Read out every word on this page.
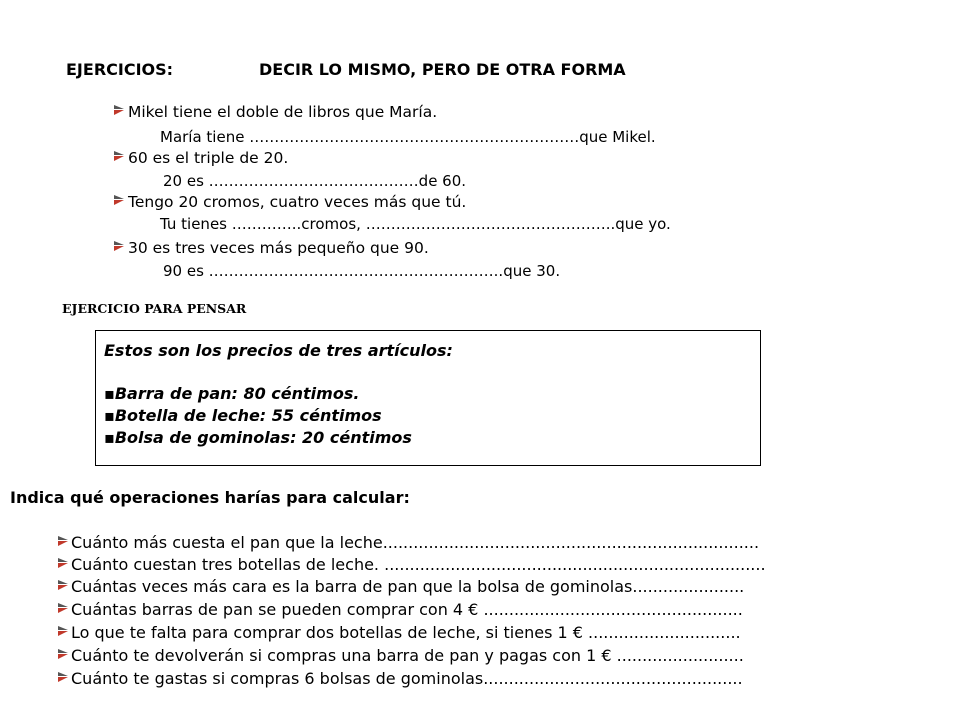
EJERCICIOS:	DECIR LO MISMO, PERO DE OTRA FORMA
Mikel tiene el doble de libros que María.
María tiene …………………………………………………………que Mikel.
60 es el triple de 20.
20 es ……………………………………de 60.
Tengo 20 cromos, cuatro veces más que tú.
Tu tienes …………..cromos, …………………………………………..que yo.
30 es tres veces más pequeño que 90.
90 es …………………………………………………..que 30.
EJERCICIO PARA PENSAR
Estos son los precios de tres artículos:
▪Barra de pan: 80 céntimos.
▪Botella de leche: 55 céntimos
▪Bolsa de gominolas: 20 céntimos
Indica qué operaciones harías para calcular:
Cuánto más cuesta el pan que la leche..........................................................................
Cuánto cuestan tres botellas de leche. ...........................................................................
Cuántas veces más cara es la barra de pan que la bolsa de gominolas......................
Cuántas barras de pan se pueden comprar con 4 € ...................................................
Lo que te falta para comprar dos botellas de leche, si tienes 1 € ..............................
Cuánto te devolverán si compras una barra de pan y pagas con 1 € .........................
Cuánto te gastas si compras 6 bolsas de gominolas...................................................
